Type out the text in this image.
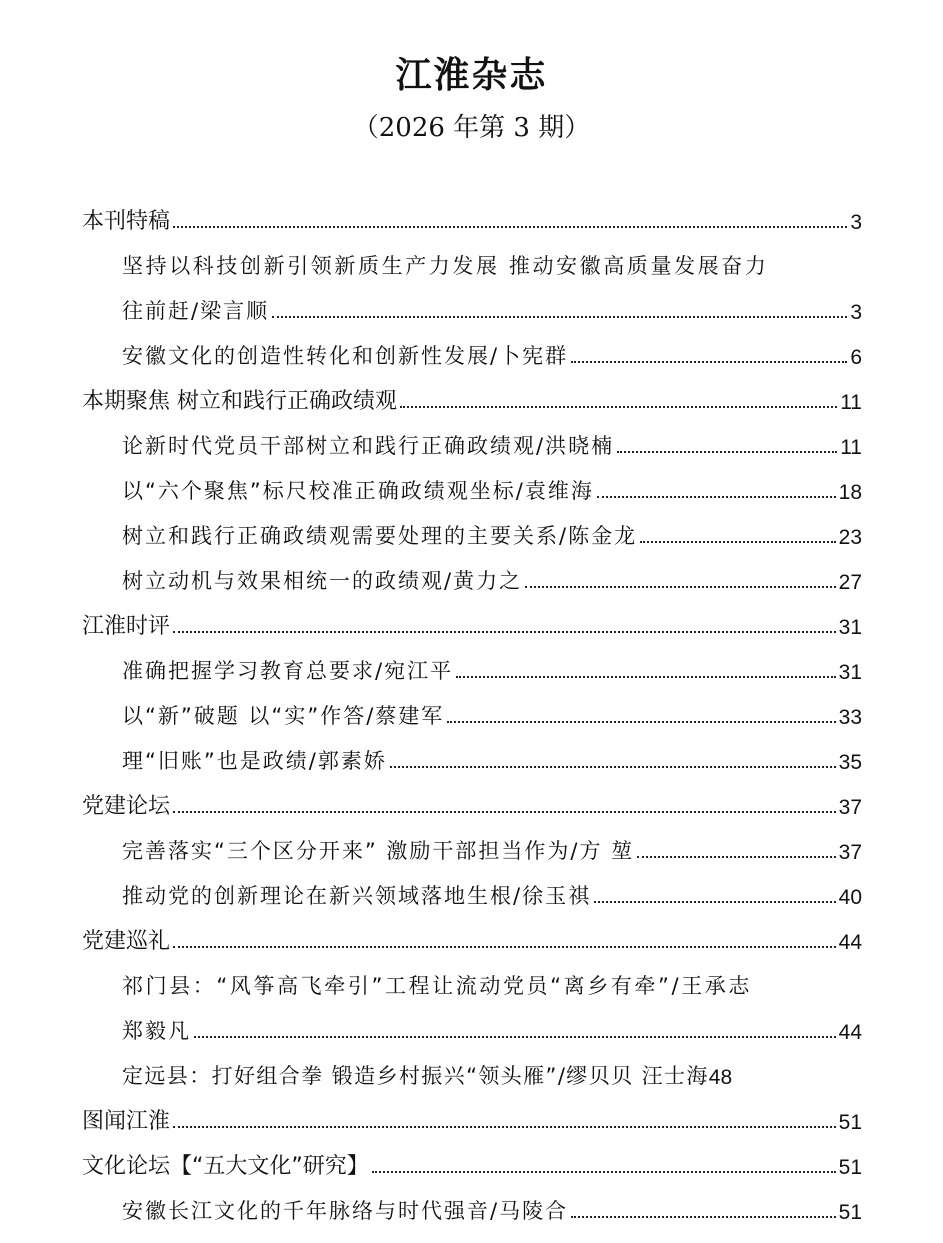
江淮杂志
（2026 年第 3 期）
本刊特稿	3
坚持以科技创新引领新质生产力发展 推动安徽高质量发展奋力
往前赶/梁言顺	3
安徽文化的创造性转化和创新性发展/卜宪群	6
本期聚焦 树立和践行正确政绩观	11
论新时代党员干部树立和践行正确政绩观/洪晓楠	11
以“六个聚焦”标尺校准正确政绩观坐标/袁维海	18
树立和践行正确政绩观需要处理的主要关系/陈金龙	23
树立动机与效果相统一的政绩观/黄力之	27
江淮时评	31
准确把握学习教育总要求/宛江平	31
以“新”破题 以“实”作答/蔡建军	33
理“旧账”也是政绩/郭素娇	35
党建论坛	37
完善落实“三个区分开来” 激励干部担当作为/方 堃	37
推动党的创新理论在新兴领域落地生根/徐玉祺	40
党建巡礼	44
祁门县：“风筝高飞牵引”工程让流动党员“离乡有牵”/王承志
郑毅凡	44
定远县：打好组合拳 锻造乡村振兴“领头雁”/缪贝贝 汪士海 48
图闻江淮	51
文化论坛【“五大文化”研究】	51
安徽长江文化的千年脉络与时代强音/马陵合	51
